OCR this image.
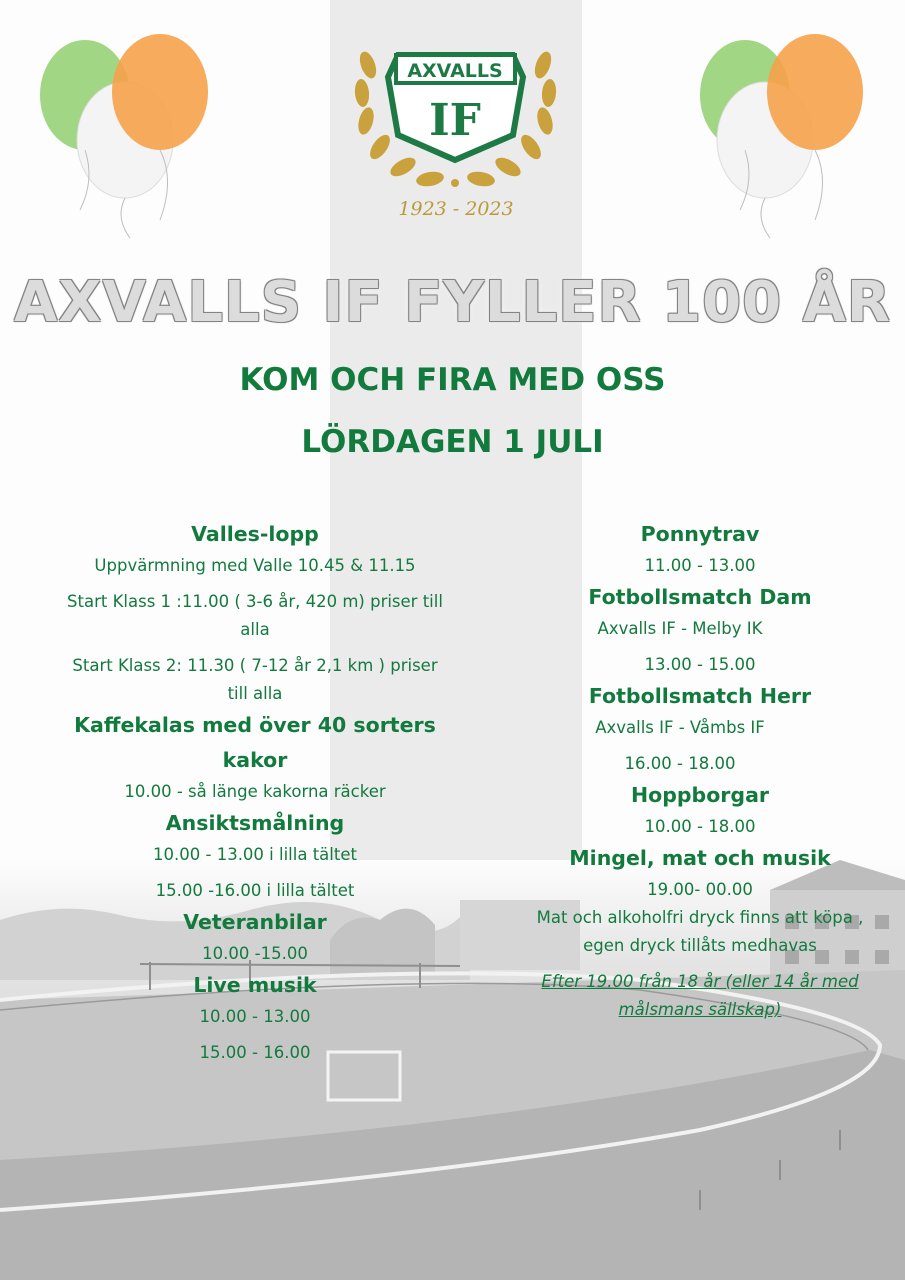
AXVALLS
IF
1923 - 2023
AXVALLS IF FYLLER 100 ÅR
KOM OCH FIRA MED OSS
LÖRDAGEN 1 JULI
Valles-lopp
Uppvärmning med Valle 10.45 & 11.15
Start Klass 1 :11.00 ( 3-6 år, 420 m) priser till
alla
Start Klass 2: 11.30 ( 7-12 år 2,1 km ) priser
till alla
Kaffekalas med över 40 sorters
kakor
10.00 - så länge kakorna räcker
Ansiktsmålning
10.00 - 13.00 i lilla tältet
15.00 -16.00 i lilla tältet
Veteranbilar
10.00 -15.00
Live musik
10.00 - 13.00
15.00 - 16.00
Ponnytrav
11.00 - 13.00
Fotbollsmatch Dam
Axvalls IF - Melby IK
13.00 - 15.00
Fotbollsmatch Herr
Axvalls IF - Våmbs IF
16.00 - 18.00
Hoppborgar
10.00 - 18.00
Mingel, mat och musik
19.00- 00.00
Mat och alkoholfri dryck finns att köpa ,
egen dryck tillåts medhavas
Efter 19.00 från 18 år (eller 14 år med
målsmans sällskap)
